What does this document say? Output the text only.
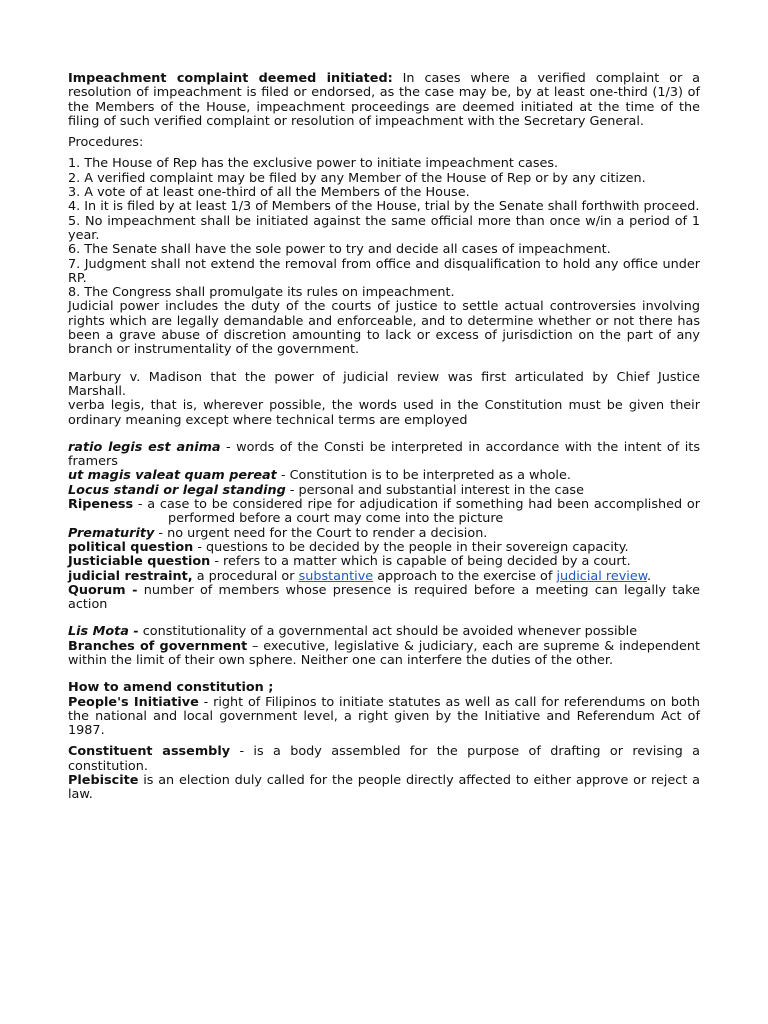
Impeachment complaint deemed initiated: In cases where a verified complaint or a resolution of impeachment is filed or endorsed, as the case may be, by at least one-third (1/3) of the Members of the House, impeachment proceedings are deemed initiated at the time of the filing of such verified complaint or resolution of impeachment with the Secretary General.

Procedures:

1. The House of Rep has the exclusive power to initiate impeachment cases.

2. A verified complaint may be filed by any Member of the House of Rep or by any citizen.

3. A vote of at least one-third of all the Members of the House.

4. In it is filed by at least 1/3 of Members of the House, trial by the Senate shall forthwith proceed.

5. No impeachment shall be initiated against the same official more than once w/in a period of 1 year.

6. The Senate shall have the sole power to try and decide all cases of impeachment.

7. Judgment shall not extend the removal from office and disqualification to hold any office under RP.

8. The Congress shall promulgate its rules on impeachment.

Judicial power includes the duty of the courts of justice to settle actual controversies involving rights which are legally demandable and enforceable, and to determine whether or not there has been a grave abuse of discretion amounting to lack or excess of jurisdiction on the part of any branch or instrumentality of the government.

Marbury v. Madison that the power of judicial review was first articulated by Chief Justice Marshall.

verba legis, that is, wherever possible, the words used in the Constitution must be given their ordinary meaning except where technical terms are employed

ratio legis est anima - words of the Consti be interpreted in accordance with the intent of its framers

ut magis valeat quam pereat - Constitution is to be interpreted as a whole.

Locus standi or legal standing - personal and substantial interest in the case

Ripeness - a case to be considered ripe for adjudication if something had been accomplished orperformed before a court may come into the picture

Prematurity - no urgent need for the Court to render a decision.

political question - questions to be decided by the people in their sovereign capacity.

Justiciable question - refers to a matter which is capable of being decided by a court.

judicial restraint, a procedural or substantive approach to the exercise of judicial review.

Quorum - number of members whose presence is required before a meeting can legally take action

Lis Mota - constitutionality of a governmental act should be avoided whenever possible

Branches of government – executive, legislative & judiciary, each are supreme & independent within the limit of their own sphere. Neither one can interfere the duties of the other.

How to amend constitution ;

People's Initiative - right of Filipinos to initiate statutes as well as call for referendums on both the national and local government level, a right given by the Initiative and Referendum Act of 1987.

Constituent assembly - is a body assembled for the purpose of drafting or revising a constitution.

Plebiscite is an election duly called for the people directly affected to either approve or reject a law.
